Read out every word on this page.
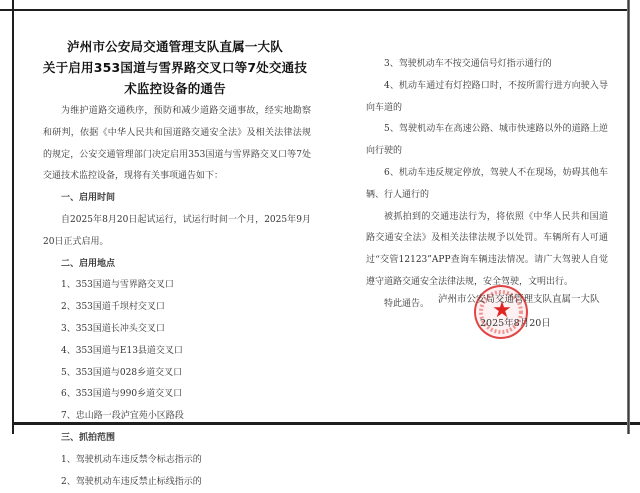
泸州市公安局交通管理支队直属一大队
关于启用353国道与雪界路交叉口等7处交通技
术监控设备的通告

为维护道路交通秩序，预防和减少道路交通事故，经实地勘察和研判，依据《中华人民共和国道路交通安全法》及相关法律法规的规定，公安交通管理部门决定启用353国道与雪界路交叉口等7处交通技术监控设备，现将有关事项通告如下：

一、启用时间

自2025年8月20日起试运行，试运行时间一个月，2025年9月20日正式启用。

二、启用地点

1、353国道与雪界路交叉口

2、353国道千坝村交叉口

3、353国道长冲头交叉口

4、353国道与E13县道交叉口

5、353国道与028乡道交叉口

6、353国道与990乡道交叉口

7、忠山路一段泸宜苑小区路段

三、抓拍范围

1、驾驶机动车违反禁令标志指示的

2、驾驶机动车违反禁止标线指示的

3、驾驶机动车不按交通信号灯指示通行的

4、机动车通过有灯控路口时，不按所需行进方向驶入导向车道的

5、驾驶机动车在高速公路、城市快速路以外的道路上逆向行驶的

6、机动车违反规定停放，驾驶人不在现场，妨碍其他车辆、行人通行的

被抓拍到的交通违法行为，将依照《中华人民共和国道路交通安全法》及相关法律法规予以处罚。车辆所有人可通过“交管12123”APP查询车辆违法情况。请广大驾驶人自觉遵守道路交通安全法律法规，安全驾驶，文明出行。

特此通告。	★
泸州市公安局交通管理支队直属一大队
2025年8月20日
